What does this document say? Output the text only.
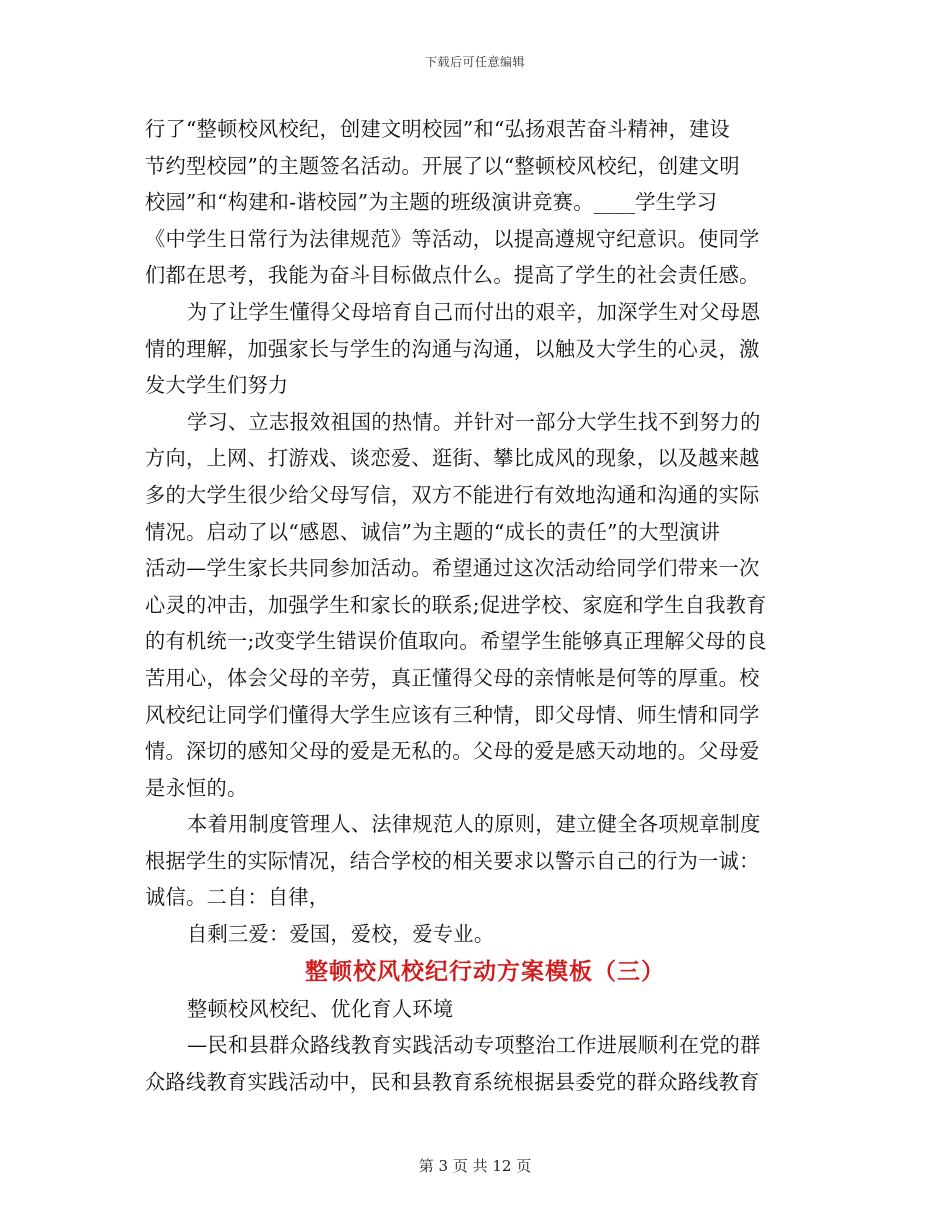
下载后可任意编辑
行了“整顿校风校纪，创建文明校园”和“弘扬艰苦奋斗精神，建设
节约型校园”的主题签名活动。开展了以“整顿校风校纪，创建文明
校园”和“构建和-谐校园”为主题的班级演讲竞赛。____学生学习
《中学生日常行为法律规范》等活动，以提高遵规守纪意识。使同学
们都在思考，我能为奋斗目标做点什么。提高了学生的社会责任感。
为了让学生懂得父母培育自己而付出的艰辛，加深学生对父母恩
情的理解，加强家长与学生的沟通与沟通，以触及大学生的心灵，激
发大学生们努力
学习、立志报效祖国的热情。并针对一部分大学生找不到努力的
方向，上网、打游戏、谈恋爱、逛街、攀比成风的现象，以及越来越
多的大学生很少给父母写信，双方不能进行有效地沟通和沟通的实际
情况。启动了以“感恩、诚信”为主题的“成长的责任”的大型演讲
活动—学生家长共同参加活动。希望通过这次活动给同学们带来一次
心灵的冲击，加强学生和家长的联系;促进学校、家庭和学生自我教育
的有机统一;改变学生错误价值取向。希望学生能够真正理解父母的良
苦用心，体会父母的辛劳，真正懂得父母的亲情帐是何等的厚重。校
风校纪让同学们懂得大学生应该有三种情，即父母情、师生情和同学
情。深切的感知父母的爱是无私的。父母的爱是感天动地的。父母爱
是永恒的。
本着用制度管理人、法律规范人的原则，建立健全各项规章制度
根据学生的实际情况，结合学校的相关要求以警示自己的行为一诚：
诚信。二自：自律，
自剩三爱：爱国，爱校，爱专业。
整顿校风校纪行动方案模板（三）
整顿校风校纪、优化育人环境
—民和县群众路线教育实践活动专项整治工作进展顺利在党的群
众路线教育实践活动中，民和县教育系统根据县委党的群众路线教育
第 3 页 共 12 页
